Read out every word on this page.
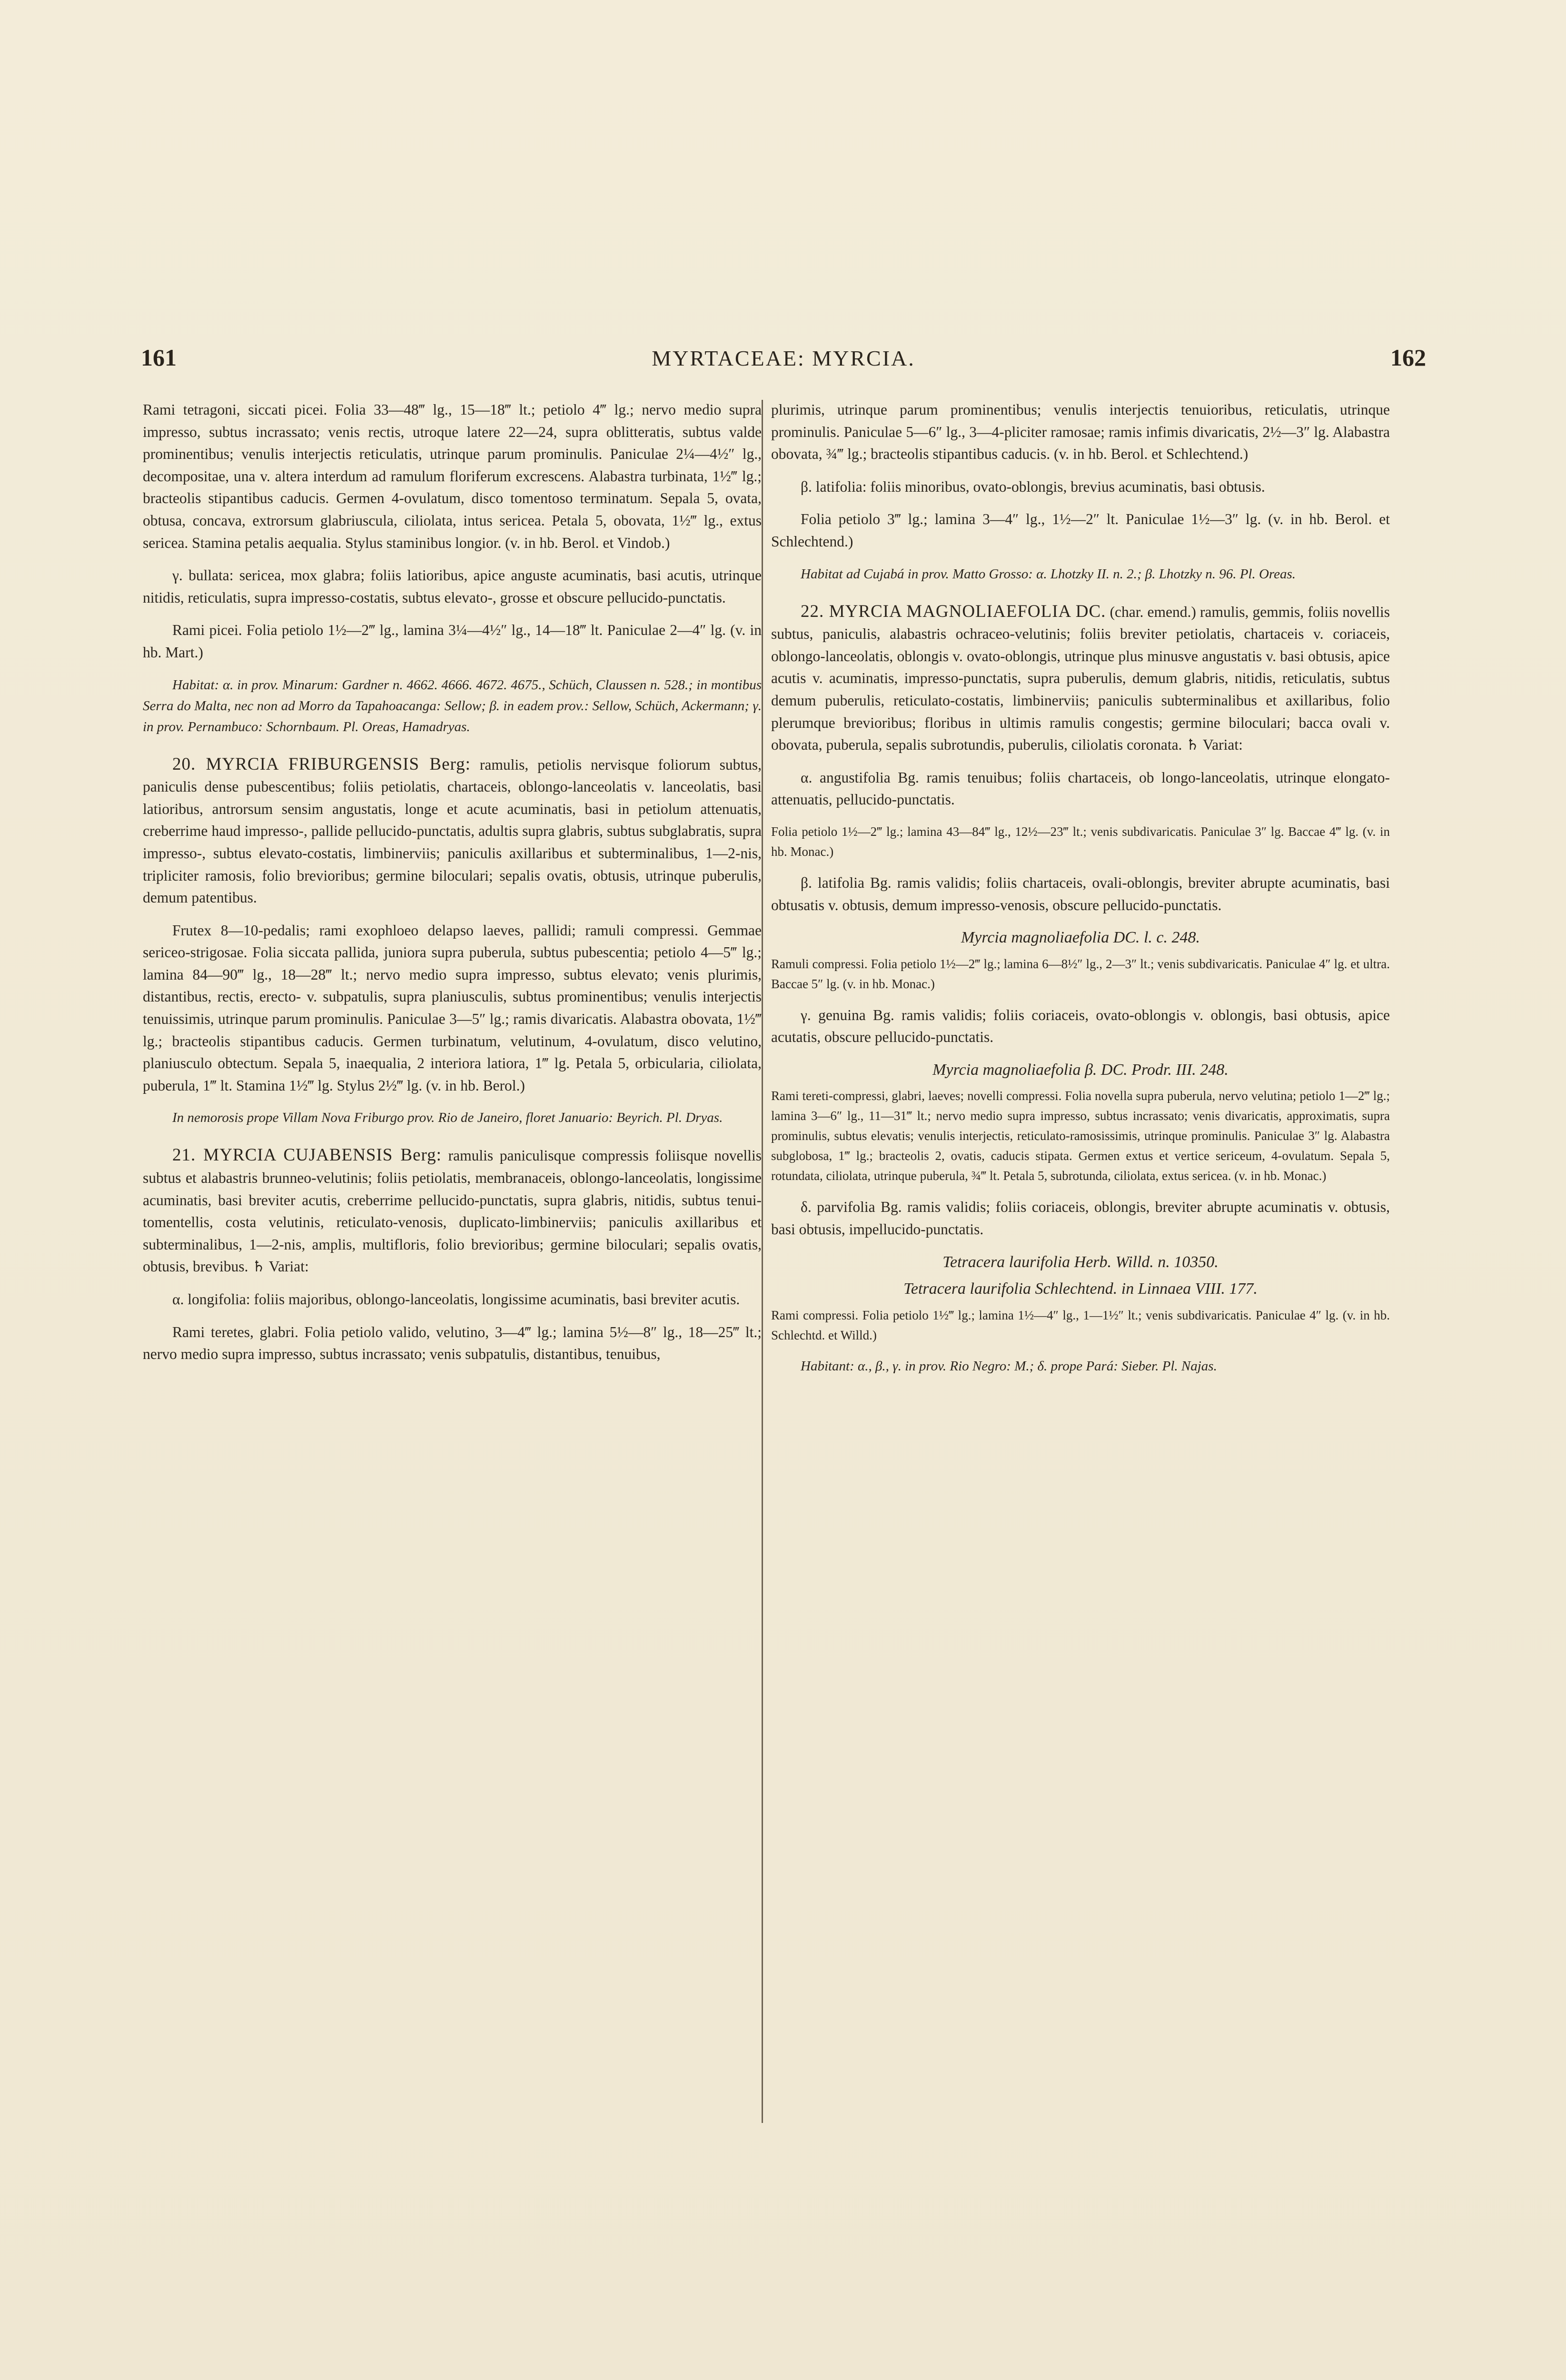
161	MYRTACEAE: MYRCIA.	162

Rami tetragoni, siccati picei. Folia 33—48‴ lg., 15—18‴ lt.; petiolo 4‴ lg.; nervo medio supra impresso, subtus incrassato; venis rectis, utroque latere 22—24, supra oblitteratis, subtus valde prominentibus; venulis interjectis reticulatis, utrinque parum prominulis. Paniculae 2¼—4½″ lg., decompositae, una v. altera interdum ad ramulum floriferum excrescens. Alabastra turbinata, 1½‴ lg.; bracteolis stipantibus caducis. Germen 4-ovulatum, disco tomentoso terminatum. Sepala 5, ovata, obtusa, concava, extrorsum glabriuscula, ciliolata, intus sericea. Petala 5, obovata, 1½‴ lg., extus sericea. Stamina petalis aequalia. Stylus staminibus longior. (v. in hb. Berol. et Vindob.)

γ. bullata: sericea, mox glabra; foliis latioribus, apice anguste acuminatis, basi acutis, utrinque nitidis, reticulatis, supra impresso-costatis, subtus elevato-, grosse et obscure pellucido-punctatis.

Rami picei. Folia petiolo 1½—2‴ lg., lamina 3¼—4½″ lg., 14—18‴ lt. Paniculae 2—4″ lg. (v. in hb. Mart.)

Habitat: α. in prov. Minarum: Gardner n. 4662. 4666. 4672. 4675., Schüch, Claussen n. 528.; in montibus Serra do Malta, nec non ad Morro da Tapahoacanga: Sellow; β. in eadem prov.: Sellow, Schüch, Ackermann; γ. in prov. Pernambuco: Schornbaum. Pl. Oreas, Hamadryas.

20. MYRCIA FRIBURGENSIS Berg: ramulis, petiolis nervisque foliorum subtus, paniculis dense pubescentibus; foliis petiolatis, chartaceis, oblongo-lanceolatis v. lanceolatis, basi latioribus, antrorsum sensim angustatis, longe et acute acuminatis, basi in petiolum attenuatis, creberrime haud impresso-, pallide pellucido-punctatis, adultis supra glabris, subtus subglabratis, supra impresso-, subtus elevato-costatis, limbinerviis; paniculis axillaribus et subterminalibus, 1—2-nis, tripliciter ramosis, folio brevioribus; germine biloculari; sepalis ovatis, obtusis, utrinque puberulis, demum patentibus.

Frutex 8—10-pedalis; rami exophloeo delapso laeves, pallidi; ramuli compressi. Gemmae sericeo-strigosae. Folia siccata pallida, juniora supra puberula, subtus pubescentia; petiolo 4—5‴ lg.; lamina 84—90‴ lg., 18—28‴ lt.; nervo medio supra impresso, subtus elevato; venis plurimis, distantibus, rectis, erecto- v. subpatulis, supra planiusculis, subtus prominentibus; venulis interjectis tenuissimis, utrinque parum prominulis. Paniculae 3—5″ lg.; ramis divaricatis. Alabastra obovata, 1½‴ lg.; bracteolis stipantibus caducis. Germen turbinatum, velutinum, 4-ovulatum, disco velutino, planiusculo obtectum. Sepala 5, inaequalia, 2 interiora latiora, 1‴ lg. Petala 5, orbicularia, ciliolata, puberula, 1‴ lt. Stamina 1½‴ lg. Stylus 2½‴ lg. (v. in hb. Berol.)

In nemorosis prope Villam Nova Friburgo prov. Rio de Janeiro, floret Januario: Beyrich. Pl. Dryas.

21. MYRCIA CUJABENSIS Berg: ramulis paniculisque compressis foliisque novellis subtus et alabastris brunneo-velutinis; foliis petiolatis, membranaceis, oblongo-lanceolatis, longissime acuminatis, basi breviter acutis, creberrime pellucido-punctatis, supra glabris, nitidis, subtus tenui-tomentellis, costa velutinis, reticulato-venosis, duplicato-limbinerviis; paniculis axillaribus et subterminalibus, 1—2-nis, amplis, multifloris, folio brevioribus; germine biloculari; sepalis ovatis, obtusis, brevibus. ♄ Variat:

α. longifolia: foliis majoribus, oblongo-lanceolatis, longissime acuminatis, basi breviter acutis.

Rami teretes, glabri. Folia petiolo valido, velutino, 3—4‴ lg.; lamina 5½—8″ lg., 18—25‴ lt.; nervo medio supra impresso, subtus incrassato; venis subpatulis, distantibus, tenuibus,

plurimis, utrinque parum prominentibus; venulis interjectis tenuioribus, reticulatis, utrinque prominulis. Paniculae 5—6″ lg., 3—4-pliciter ramosae; ramis infimis divaricatis, 2½—3″ lg. Alabastra obovata, ¾‴ lg.; bracteolis stipantibus caducis. (v. in hb. Berol. et Schlechtend.)

β. latifolia: foliis minoribus, ovato-oblongis, brevius acuminatis, basi obtusis.

Folia petiolo 3‴ lg.; lamina 3—4″ lg., 1½—2″ lt. Paniculae 1½—3″ lg. (v. in hb. Berol. et Schlechtend.)

Habitat ad Cujabá in prov. Matto Grosso: α. Lhotzky II. n. 2.; β. Lhotzky n. 96. Pl. Oreas.

22. MYRCIA MAGNOLIAEFOLIA DC. (char. emend.) ramulis, gemmis, foliis novellis subtus, paniculis, alabastris ochraceo-velutinis; foliis breviter petiolatis, chartaceis v. coriaceis, oblongo-lanceolatis, oblongis v. ovato-oblongis, utrinque plus minusve angustatis v. basi obtusis, apice acutis v. acuminatis, impresso-punctatis, supra puberulis, demum glabris, nitidis, reticulatis, subtus demum puberulis, reticulato-costatis, limbinerviis; paniculis subterminalibus et axillaribus, folio plerumque brevioribus; floribus in ultimis ramulis congestis; germine biloculari; bacca ovali v. obovata, puberula, sepalis subrotundis, puberulis, ciliolatis coronata. ♄ Variat:

α. angustifolia Bg. ramis tenuibus; foliis chartaceis, ob longo-lanceolatis, utrinque elongato-attenuatis, pellucido-punctatis.

Folia petiolo 1½—2‴ lg.; lamina 43—84‴ lg., 12½—23‴ lt.; venis subdivaricatis. Paniculae 3″ lg. Baccae 4‴ lg. (v. in hb. Monac.)

β. latifolia Bg. ramis validis; foliis chartaceis, ovali-oblongis, breviter abrupte acuminatis, basi obtusatis v. obtusis, demum impresso-venosis, obscure pellucido-punctatis.

Myrcia magnoliaefolia DC. l. c. 248.

Ramuli compressi. Folia petiolo 1½—2‴ lg.; lamina 6—8½″ lg., 2—3″ lt.; venis subdivaricatis. Paniculae 4″ lg. et ultra. Baccae 5″ lg. (v. in hb. Monac.)

γ. genuina Bg. ramis validis; foliis coriaceis, ovato-oblongis v. oblongis, basi obtusis, apice acutatis, obscure pellucido-punctatis.

Myrcia magnoliaefolia β. DC. Prodr. III. 248.

Rami tereti-compressi, glabri, laeves; novelli compressi. Folia novella supra puberula, nervo velutina; petiolo 1—2‴ lg.; lamina 3—6″ lg., 11—31‴ lt.; nervo medio supra impresso, subtus incrassato; venis divaricatis, approximatis, supra prominulis, subtus elevatis; venulis interjectis, reticulato-ramosissimis, utrinque prominulis. Paniculae 3″ lg. Alabastra subglobosa, 1‴ lg.; bracteolis 2, ovatis, caducis stipata. Germen extus et vertice sericeum, 4-ovulatum. Sepala 5, rotundata, ciliolata, utrinque puberula, ¾‴ lt. Petala 5, subrotunda, ciliolata, extus sericea. (v. in hb. Monac.)

δ. parvifolia Bg. ramis validis; foliis coriaceis, oblongis, breviter abrupte acuminatis v. obtusis, basi obtusis, impellucido-punctatis.

Tetracera laurifolia Herb. Willd. n. 10350.

Tetracera laurifolia Schlechtend. in Linnaea VIII. 177.

Rami compressi. Folia petiolo 1½‴ lg.; lamina 1½—4″ lg., 1—1½″ lt.; venis subdivaricatis. Paniculae 4″ lg. (v. in hb. Schlechtd. et Willd.)

Habitant: α., β., γ. in prov. Rio Negro: M.; δ. prope Pará: Sieber. Pl. Najas.
